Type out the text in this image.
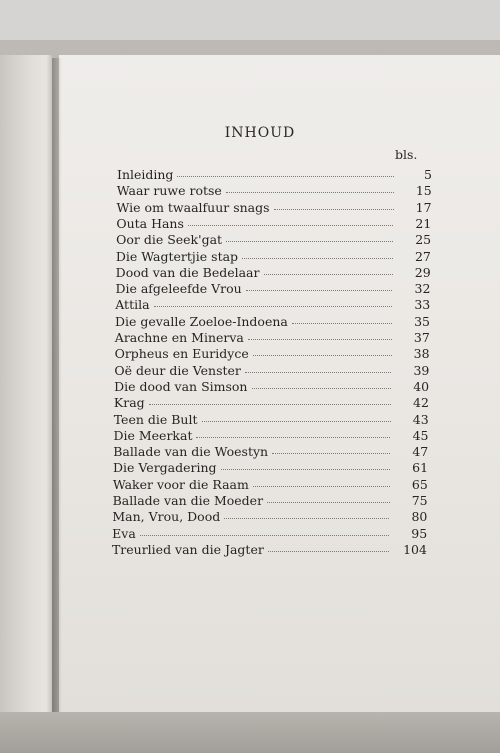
INHOUD
bls.
Inleiding	5
Waar ruwe rotse	15
Wie om twaalfuur snags	17
Outa Hans	21
Oor die Seek'gat	25
Die Wagtertjie stap	27
Dood van die Bedelaar	29
Die afgeleefde Vrou	32
Attila	33
Die gevalle Zoeloe-Indoena	35
Arachne en Minerva	37
Orpheus en Euridyce	38
Oë deur die Venster	39
Die dood van Simson	40
Krag	42
Teen die Bult	43
Die Meerkat	45
Ballade van die Woestyn	47
Die Vergadering	61
Waker voor die Raam	65
Ballade van die Moeder	75
Man, Vrou, Dood	80
Eva	95
Treurlied van die Jagter	104
